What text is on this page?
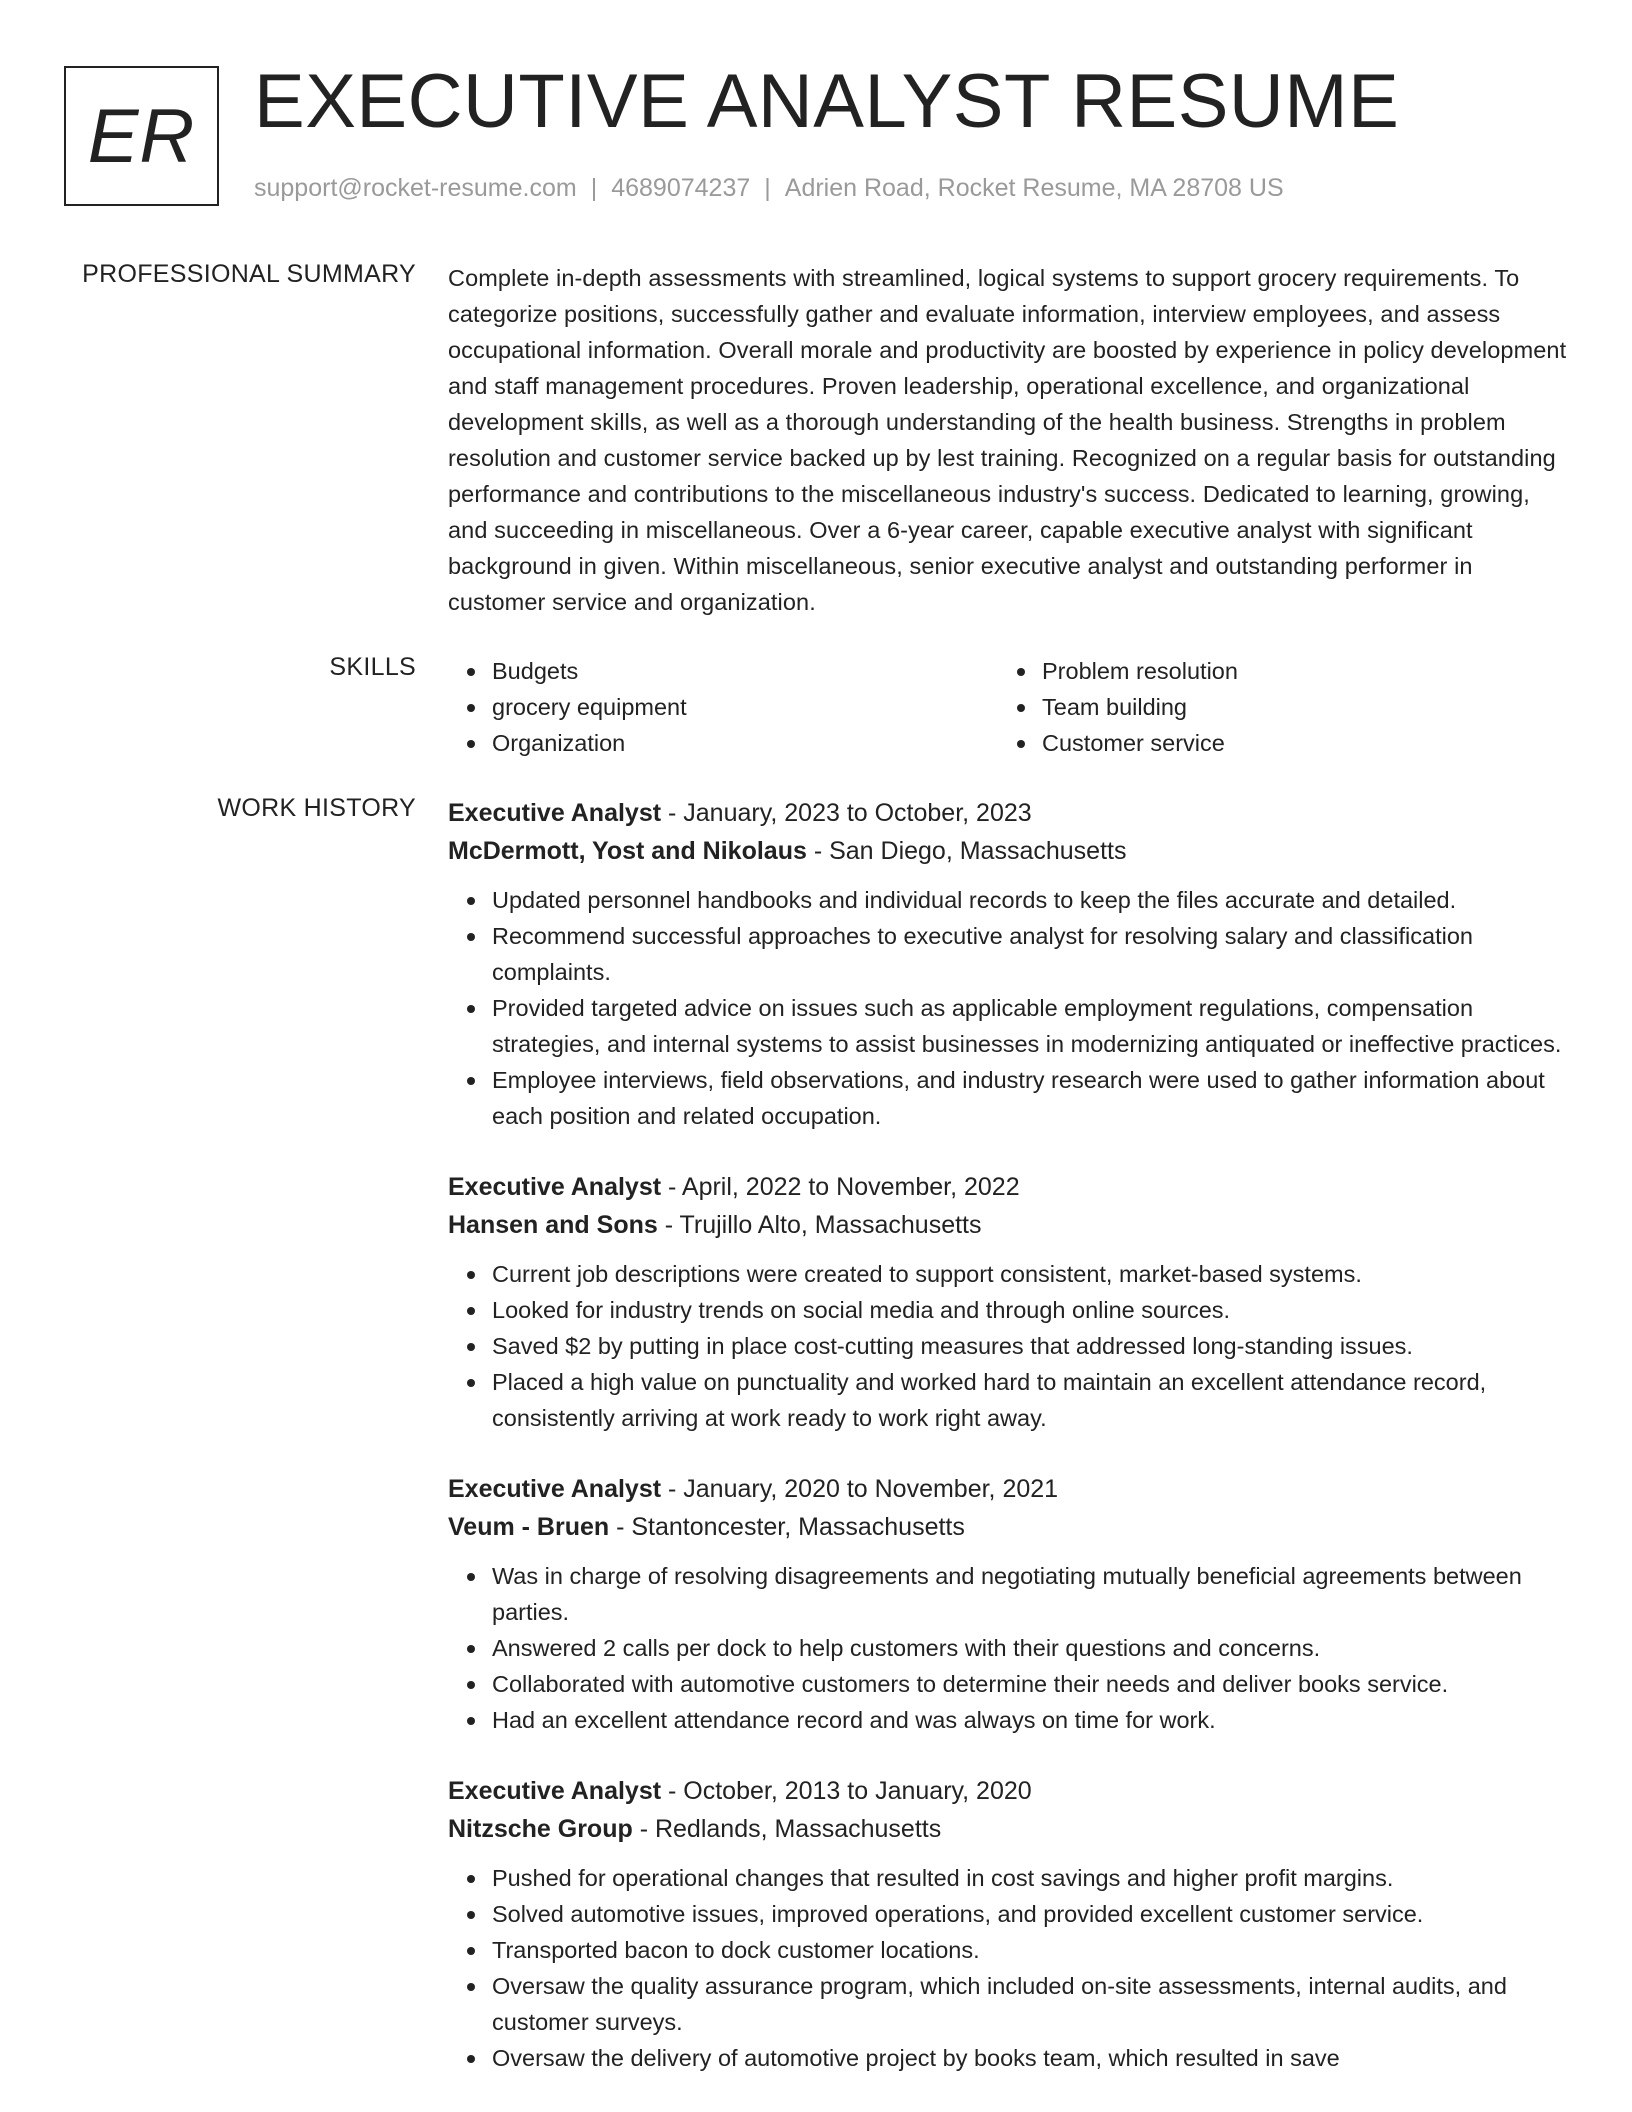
ER EXECUTIVE ANALYST RESUME
support@rocket-resume.com | 4689074237 | Adrien Road, Rocket Resume, MA 28708 US
PROFESSIONAL SUMMARY Complete in-depth assessments with streamlined, logical systems to support grocery requirements. To categorize positions, successfully gather and evaluate information, interview employees, and assess occupational information. Overall morale and productivity are boosted by experience in policy development and staff management procedures. Proven leadership, operational excellence, and organizational development skills, as well as a thorough understanding of the health business. Strengths in problem resolution and customer service backed up by lest training. Recognized on a regular basis for outstanding performance and contributions to the miscellaneous industry's success. Dedicated to learning, growing, and succeeding in miscellaneous. Over a 6-year career, capable executive analyst with significant background in given. Within miscellaneous, senior executive analyst and outstanding performer in customer service and organization.

SKILLS	Budgets
grocery equipment
Organization
Problem resolution
Team building
Customer service
WORK HISTORY Executive Analyst - January, 2023 to October, 2023
McDermott, Yost and Nikolaus - San Diego, Massachusetts
Updated personnel handbooks and individual records to keep the files accurate and detailed.
Recommend successful approaches to executive analyst for resolving salary and classification complaints.
Provided targeted advice on issues such as applicable employment regulations, compensation strategies, and internal systems to assist businesses in modernizing antiquated or ineffective practices.
Employee interviews, field observations, and industry research were used to gather information about each position and related occupation.
Executive Analyst - April, 2022 to November, 2022
Hansen and Sons - Trujillo Alto, Massachusetts
Current job descriptions were created to support consistent, market-based systems.
Looked for industry trends on social media and through online sources.
Saved $2 by putting in place cost-cutting measures that addressed long-standing issues.
Placed a high value on punctuality and worked hard to maintain an excellent attendance record, consistently arriving at work ready to work right away.
Executive Analyst - January, 2020 to November, 2021
Veum - Bruen - Stantoncester, Massachusetts
Was in charge of resolving disagreements and negotiating mutually beneficial agreements between parties.
Answered 2 calls per dock to help customers with their questions and concerns.
Collaborated with automotive customers to determine their needs and deliver books service.
Had an excellent attendance record and was always on time for work.
Executive Analyst - October, 2013 to January, 2020
Nitzsche Group - Redlands, Massachusetts
Pushed for operational changes that resulted in cost savings and higher profit margins.
Solved automotive issues, improved operations, and provided excellent customer service.
Transported bacon to dock customer locations.
Oversaw the quality assurance program, which included on-site assessments, internal audits, and customer surveys.
Oversaw the delivery of automotive project by books team, which resulted in save
